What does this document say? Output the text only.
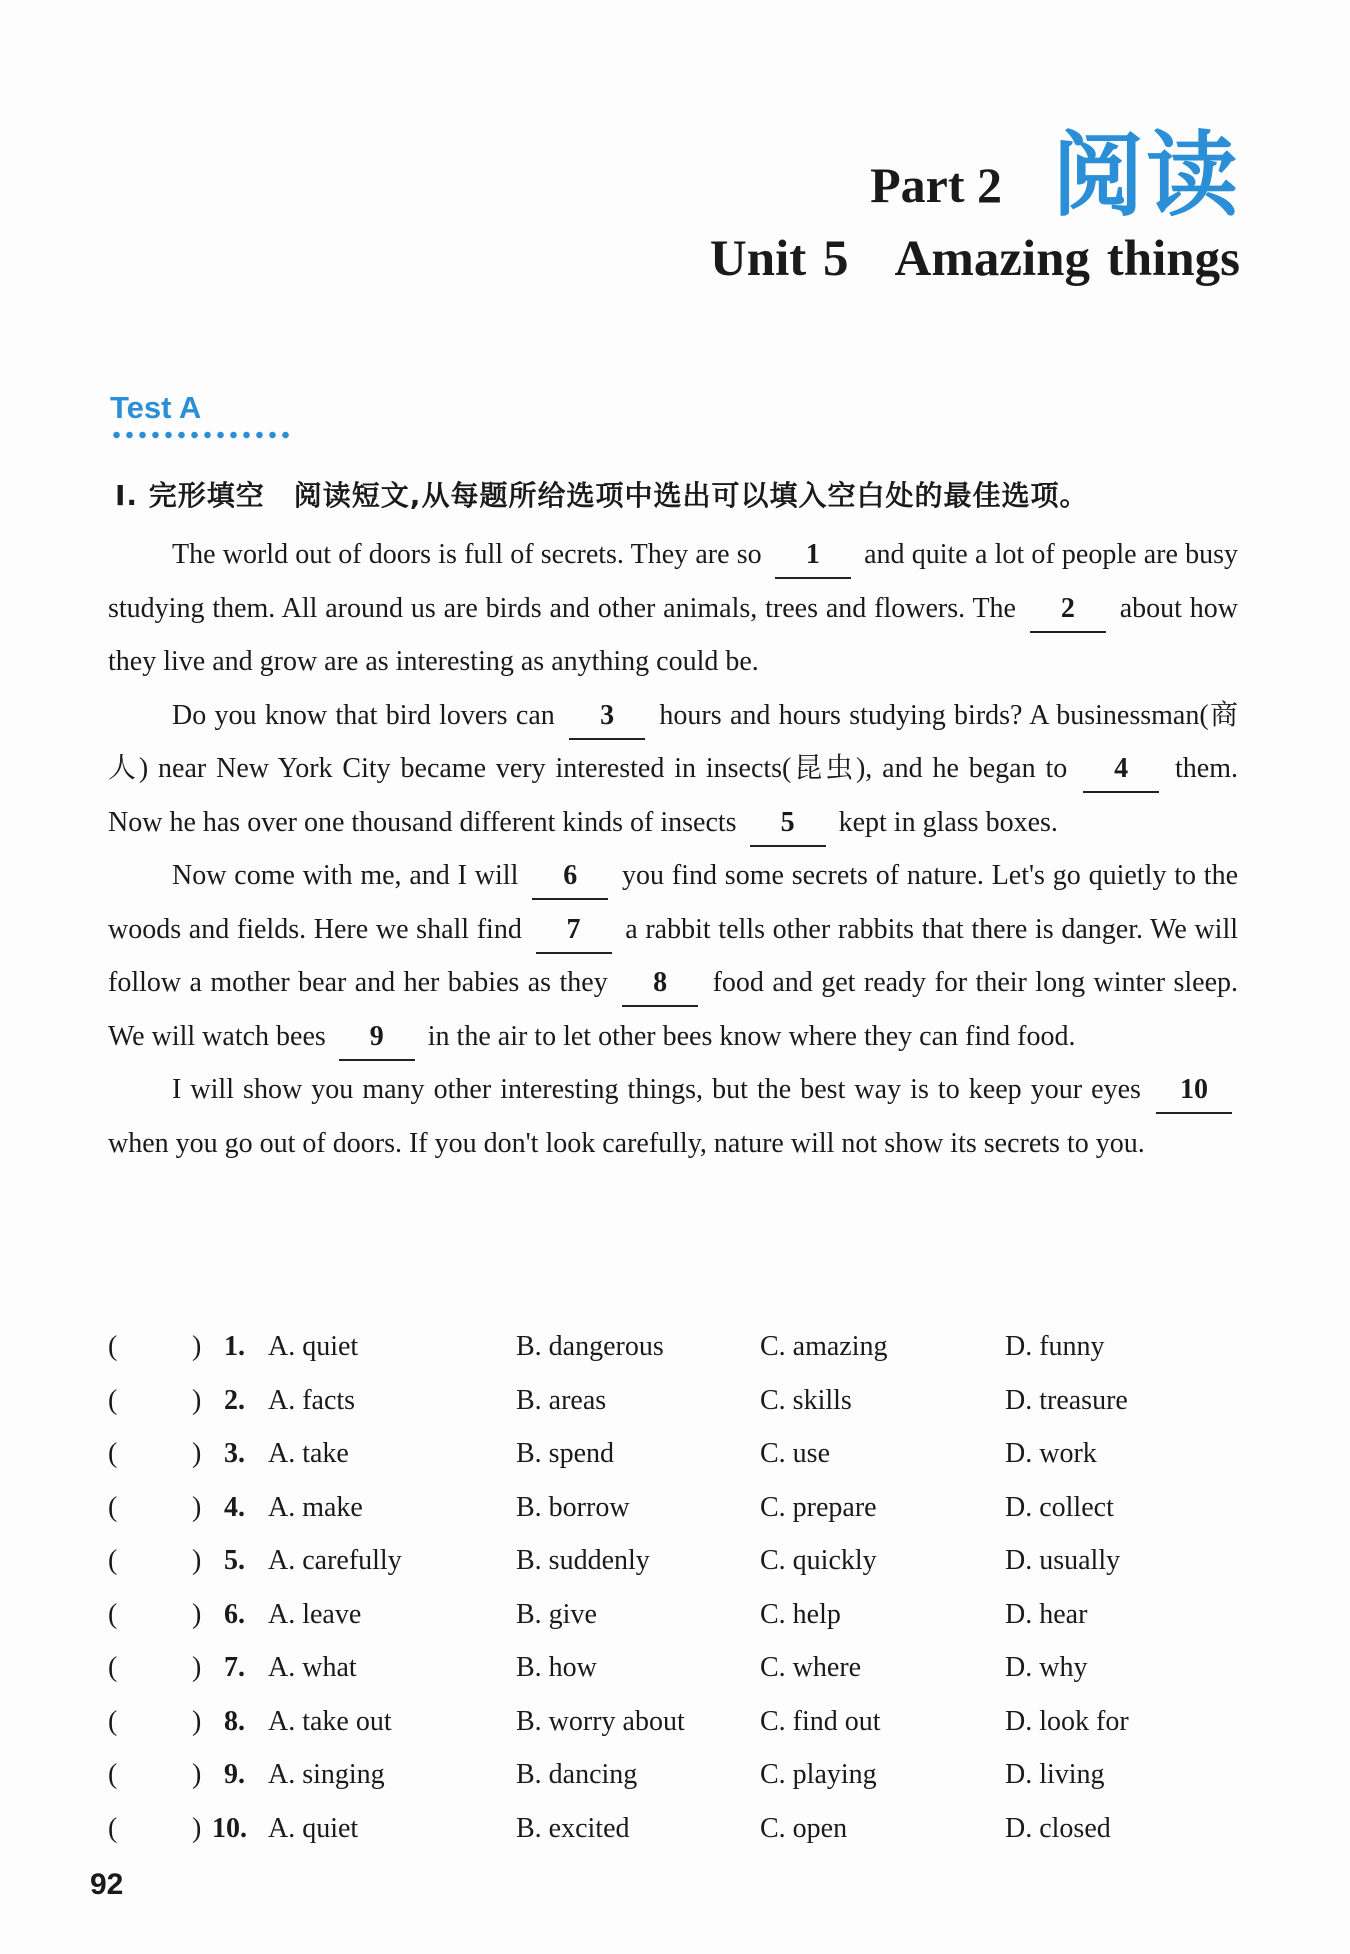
Part 2 阅读
Unit 5 Amazing things
Test A
Ⅰ. 完形填空　阅读短文,从每题所给选项中选出可以填入空白处的最佳选项。

The world out of doors is full of secrets. They are so 1 and quite a lot of people are busy studying them. All around us are birds and other animals, trees and flowers. The 2 about how they live and grow are as interesting as anything could be.

Do you know that bird lovers can 3 hours and hours studying birds? A businessman(商人) near New York City became very interested in insects(昆虫), and he began to 4 them. Now he has over one thousand different kinds of insects 5 kept in glass boxes.

Now come with me, and I will 6 you find some secrets of nature. Let's go quietly to the woods and fields. Here we shall find 7 a rabbit tells other rabbits that there is danger. We will follow a mother bear and her babies as they 8 food and get ready for their long winter sleep. We will watch bees 9 in the air to let other bees know where they can find food.

I will show you many other interesting things, but the best way is to keep your eyes 10 when you go out of doors. If you don't look carefully, nature will not show its secrets to you.

(	) 1. A. quiet	B. dangerous	C. amazing	D. funny
(	) 2. A. facts	B. areas	C. skills	D. treasure
(	) 3. A. take	B. spend	C. use	D. work
(	) 4. A. make	B. borrow	C. prepare	D. collect
(	) 5. A. carefully	B. suddenly	C. quickly	D. usually
(	) 6. A. leave	B. give	C. help	D. hear
(	) 7. A. what	B. how	C. where	D. why
(	) 8. A. take out	B. worry about	C. find out	D. look for
(	) 9. A. singing	B. dancing	C. playing	D. living
(	) 10. A. quiet	B. excited	C. open	D. closed
92
